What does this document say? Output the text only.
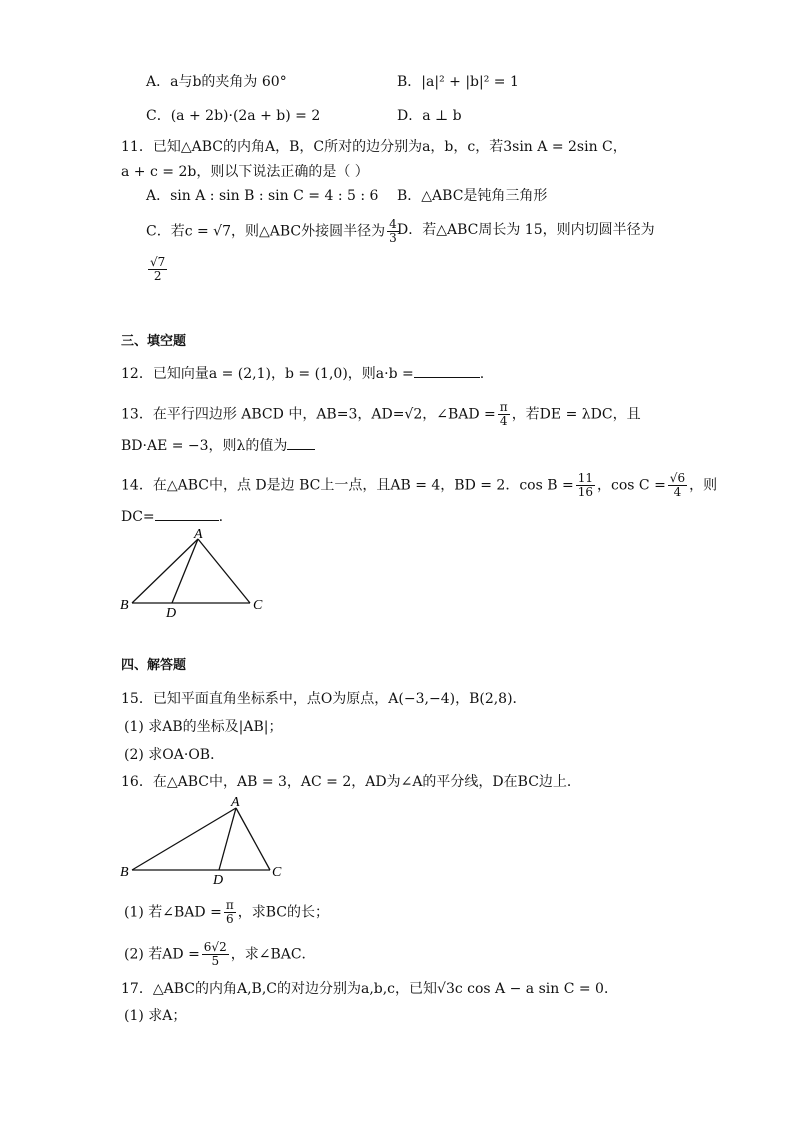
A．a与b的夹角为 60°	B．|a|² + |b|² = 1
C．(a + 2b)·(2a + b) = 2	D．a ⊥ b
11．已知△ABC的内角A，B，C所对的边分别为a，b，c，若3sin A = 2sin C，
a + c = 2b，则以下说法正确的是（ ）
A．sin A : sin B : sin C = 4 : 5 : 6 B．△ABC是钝角三角形
C．若c = √7，则△ABC外接圆半径为 $\frac{4}{3}$
D．若△ABC周长为 15，则内切圆半径为
$\frac{√7}{2}$
三、填空题
12．已知向量a = (2,1)，b = (1,0)，则a·b =	.
13．在平行四边形 ABCD 中，AB=3，AD=√2，∠BAD = $\frac{\pi}{4}$ ，若DE = λDC，且
BD·AE = −3，则λ的值为
14．在△ABC中，点 D是边 BC上一点，且AB = 4，BD = 2．$\cos B = \frac{11}{16}$ ，$\cos C = \frac{√6}{4}$ ，则
DC=	.
A
B	C
D
四、解答题
15．已知平面直角坐标系中，点O为原点，A(−3,−4)，B(2,8)．
(1) 求AB的坐标及|AB|；
(2) 求OA·OB．
16．在△ABC中，AB = 3，AC = 2，AD为∠A的平分线，D在BC边上．
A
B	C
D
(1) 若∠BAD = $\frac{\pi}{6}$ ，求BC的长；
(2) 若AD = $\frac{6√2}{5}$ ，求∠BAC．
17．△ABC的内角A,B,C的对边分别为a,b,c，已知√3c cos A − a sin C = 0．
(1) 求A；
